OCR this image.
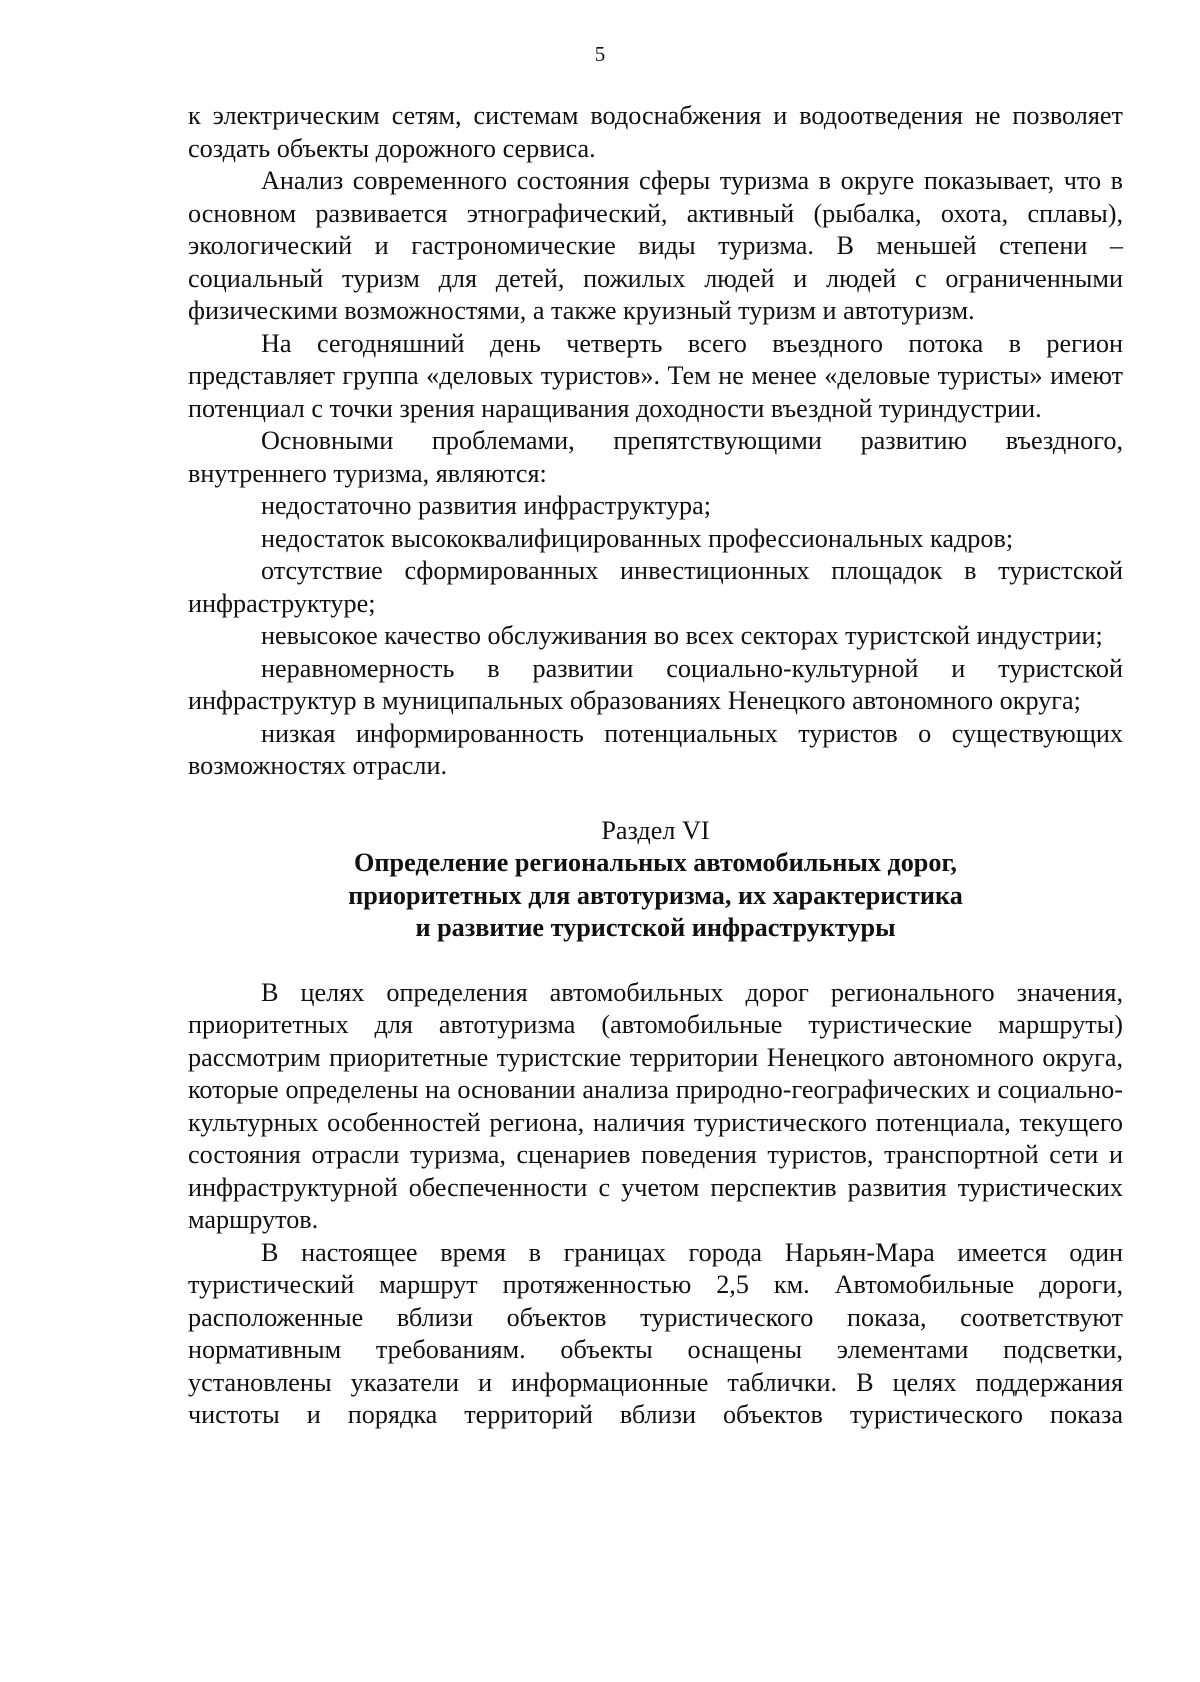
5

к электрическим сетям, системам водоснабжения и водоотведения не позволяет создать объекты дорожного сервиса.

Анализ современного состояния сферы туризма в округе показывает, что в основном развивается этнографический, активный (рыбалка, охота, сплавы), экологический и гастрономические виды туризма. В меньшей степени – социальный туризм для детей, пожилых людей и людей с ограниченными физическими возможностями, а также круизный туризм и автотуризм.

На сегодняшний день четверть всего въездного потока в регион представляет группа «деловых туристов». Тем не менее «деловые туристы» имеют потенциал с точки зрения наращивания доходности въездной туриндустрии.

Основными проблемами, препятствующими развитию въездного, внутреннего туризма, являются:

недостаточно развития инфраструктура;

недостаток высококвалифицированных профессиональных кадров;

отсутствие сформированных инвестиционных площадок в туристской инфраструктуре;

невысокое качество обслуживания во всех секторах туристской индустрии;

неравномерность в развитии социально-культурной и туристской инфраструктур в муниципальных образованиях Ненецкого автономного округа;

низкая информированность потенциальных туристов о существующих возможностях отрасли.

Раздел VI

Определение региональных автомобильных дорог,

приоритетных для автотуризма, их характеристика

и развитие туристской инфраструктуры

В целях определения автомобильных дорог регионального значения, приоритетных для автотуризма (автомобильные туристические маршруты) рассмотрим приоритетные туристские территории Ненецкого автономного округа, которые определены на основании анализа природно-географических и социально-культурных особенностей региона, наличия туристического потенциала, текущего состояния отрасли туризма, сценариев поведения туристов, транспортной сети и инфраструктурной обеспеченности с учетом перспектив развития туристических маршрутов.

В настоящее время в границах города Нарьян-Мара имеется один туристический маршрут протяженностью 2,5 км. Автомобильные дороги, расположенные вблизи объектов туристического показа, соответствуют нормативным требованиям. объекты оснащены элементами подсветки, установлены указатели и информационные таблички. В целях поддержания чистоты и порядка территорий вблизи объектов туристического показа
